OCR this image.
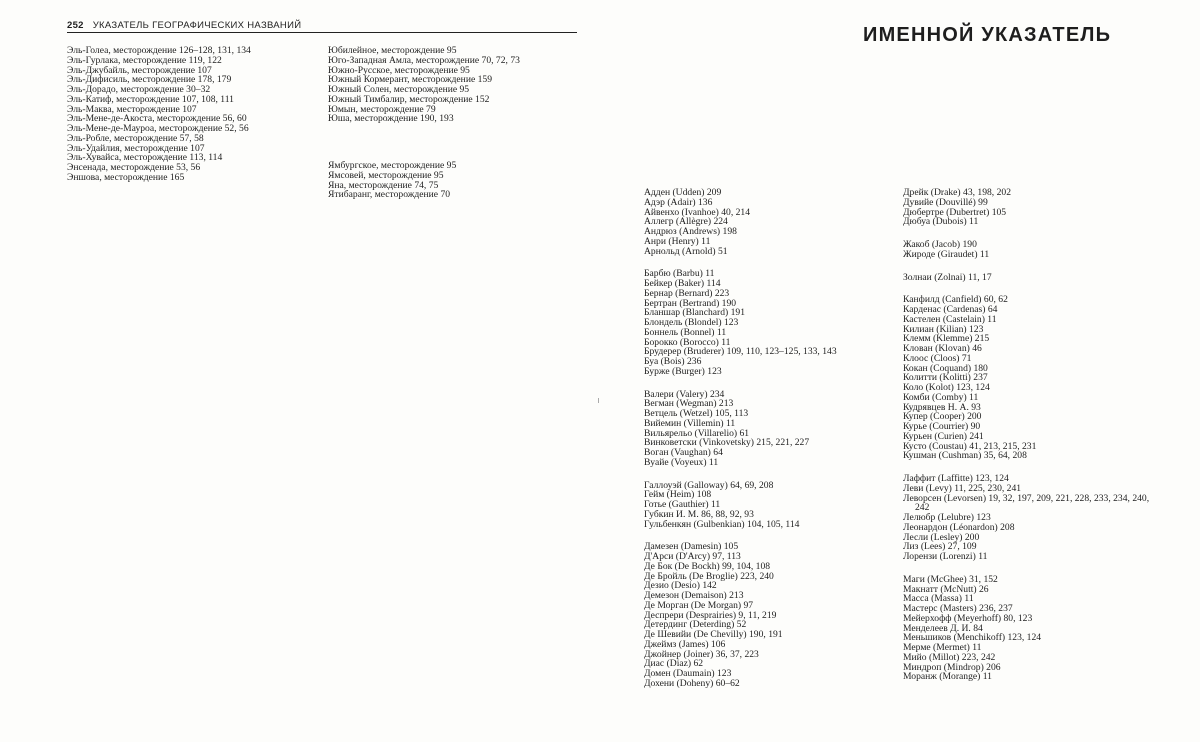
252 УКАЗАТЕЛЬ ГЕОГРАФИЧЕСКИХ НАЗВАНИЙ
Эль-Голеа, месторождение 126–128, 131, 134
Эль-Гурлака, месторождение 119, 122
Эль-Джубайль, месторождение 107
Эль-Дифисиль, месторождение 178, 179
Эль-Дорадо, месторождение 30–32
Эль-Катиф, месторождение 107, 108, 111
Эль-Маква, месторождение 107
Эль-Мене-де-Акоста, месторождение 56, 60
Эль-Мене-де-Мауроа, месторождение 52, 56
Эль-Робле, месторождение 57, 58
Эль-Удайлия, месторождение 107
Эль-Хувайса, месторождение 113, 114
Энсенада, месторождение 53, 56
Эншова, месторождение 165
Юбилейное, месторождение 95
Юго-Западная Амла, месторождение 70, 72, 73
Южно-Русское, месторождение 95
Южный Кормерант, месторождение 159
Южный Солен, месторождение 95
Южный Тимбалир, месторождение 152
Юмын, месторождение 79
Юша, месторождение 190, 193
Ямбургское, месторождение 95
Ямсовей, месторождение 95
Яна, месторождение 74, 75
Ятибаранг, месторождение 70
ИМЕННОЙ УКАЗАТЕЛЬ
Адден (Udden) 209
Адэр (Adair) 136
Айвенхо (Ivanhoe) 40, 214
Аллегр (Allègre) 224
Андрюз (Andrews) 198
Анри (Henry) 11
Арнольд (Arnold) 51
Барбю (Barbu) 11
Бейкер (Baker) 114
Бернар (Bernard) 223
Бертран (Bertrand) 190
Бланшар (Blanchard) 191
Блондель (Blondel) 123
Боннель (Bonnel) 11
Борокко (Borocco) 11
Брудерер (Bruderer) 109, 110, 123–125, 133, 143
Буа (Bois) 236
Бурже (Burger) 123
Валери (Valery) 234
Вегман (Wegman) 213
Ветцель (Wetzel) 105, 113
Вийемин (Villemin) 11
Вильярельо (Villarelio) 61
Винковетски (Vinkovetsky) 215, 221, 227
Воган (Vaughan) 64
Вуайе (Voyeux) 11
Галлоуэй (Galloway) 64, 69, 208
Гейм (Heim) 108
Готье (Gauthier) 11
Губкин И. М. 86, 88, 92, 93
Гульбенкян (Gulbenkian) 104, 105, 114
Дамезен (Damesin) 105
Д'Арси (D'Arcy) 97, 113
Де Бок (De Bockh) 99, 104, 108
Де Бройль (De Broglie) 223, 240
Дезио (Desio) 142
Демезон (Demaison) 213
Де Морган (De Morgan) 97
Деспрери (Desprairies) 9, 11, 219
Детердинг (Deterding) 52
Де Шевийи (De Chevilly) 190, 191
Джеймз (James) 106
Джойнер (Joiner) 36, 37, 223
Диас (Diaz) 62
Домен (Daumain) 123
Дохени (Doheny) 60–62
Дрейк (Drake) 43, 198, 202
Дувийе (Douvillé) 99
Дюбертре (Dubertret) 105
Дюбуа (Dubois) 11
Жакоб (Jacob) 190
Жироде (Giraudet) 11
Золнаи (Zolnai) 11, 17
Канфилд (Canfield) 60, 62
Карденас (Cardenas) 64
Кастелен (Castelain) 11
Килиан (Kilian) 123
Клемм (Klemme) 215
Клован (Klovan) 46
Клоос (Cloos) 71
Кокан (Coquand) 180
Колитти (Kolitti) 237
Коло (Kolot) 123, 124
Комби (Comby) 11
Кудрявцев Н. А. 93
Купер (Cooper) 200
Курье (Courrier) 90
Курьен (Curien) 241
Кусто (Coustau) 41, 213, 215, 231
Кушман (Cushman) 35, 64, 208
Лаффит (Laffitte) 123, 124
Леви (Levy) 11, 225, 230, 241
Леворсен (Levorsen) 19, 32, 197, 209, 221, 228, 233, 234, 240,
242
Лелюбр (Lelubre) 123
Леонардон (Léonardon) 208
Лесли (Lesley) 200
Лиз (Lees) 27, 109
Лорензи (Lorenzi) 11
Маги (McGhee) 31, 152
Макнатт (McNutt) 26
Масса (Massa) 11
Мастерс (Masters) 236, 237
Мейерхофф (Meyerhoff) 80, 123
Менделеев Д. И. 84
Меньшиков (Menchikoff) 123, 124
Мерме (Mermet) 11
Мийо (Millot) 223, 242
Миндроп (Mindrop) 206
Моранж (Morange) 11
